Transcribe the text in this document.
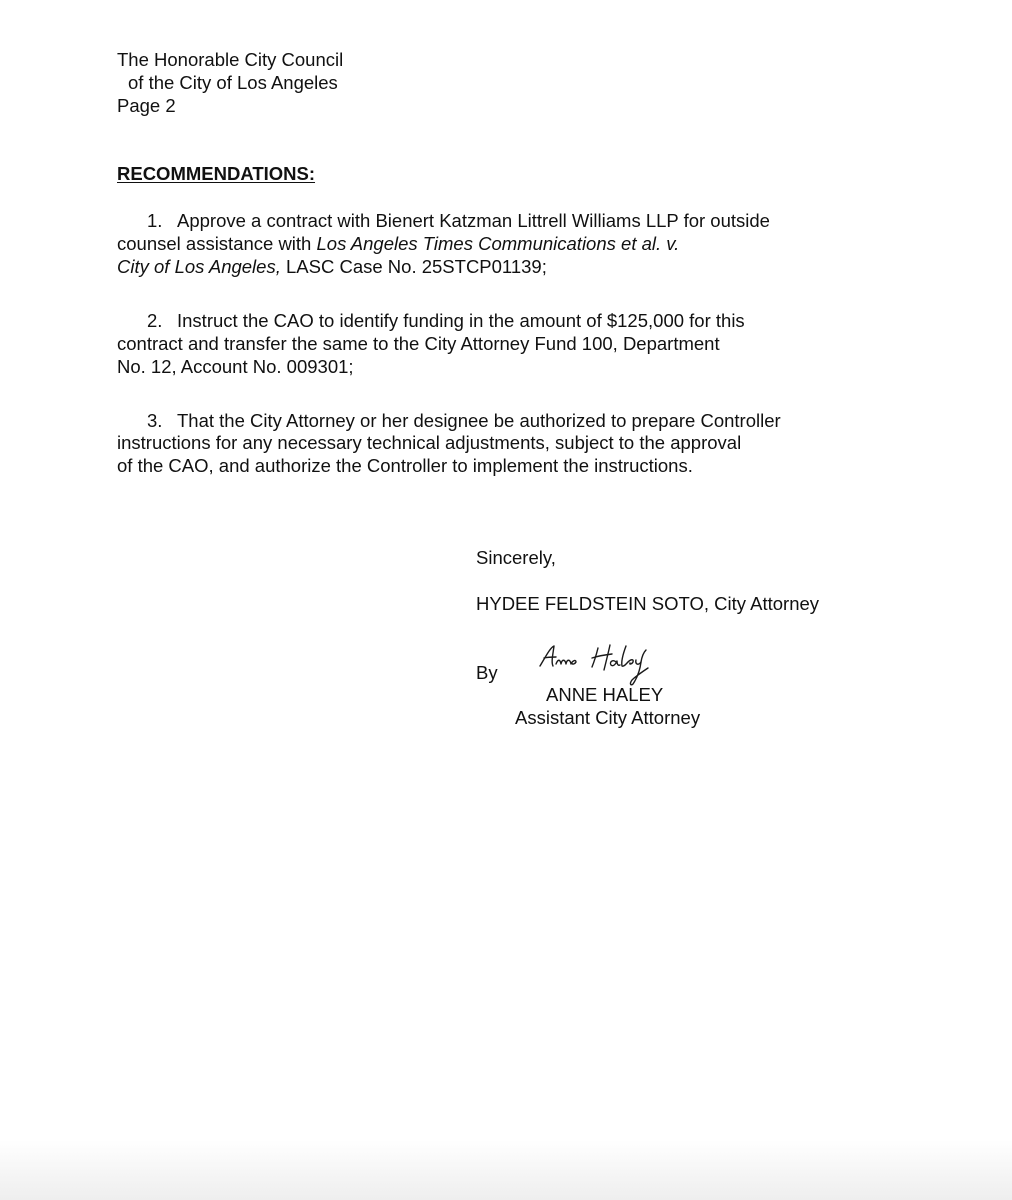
The Honorable City Council
of the City of Los Angeles
Page 2
RECOMMENDATIONS:
1. Approve a contract with Bienert Katzman Littrell Williams LLP for outside
counsel assistance with Los Angeles Times Communications et al. v.
City of Los Angeles, LASC Case No. 25STCP01139;
2. Instruct the CAO to identify funding in the amount of $125,000 for this
contract and transfer the same to the City Attorney Fund 100, Department
No. 12, Account No. 009301;
3. That the City Attorney or her designee be authorized to prepare Controller
instructions for any necessary technical adjustments, subject to the approval
of the CAO, and authorize the Controller to implement the instructions.
Sincerely,
HYDEE FELDSTEIN SOTO, City Attorney
By
ANNE HALEY
Assistant City Attorney
